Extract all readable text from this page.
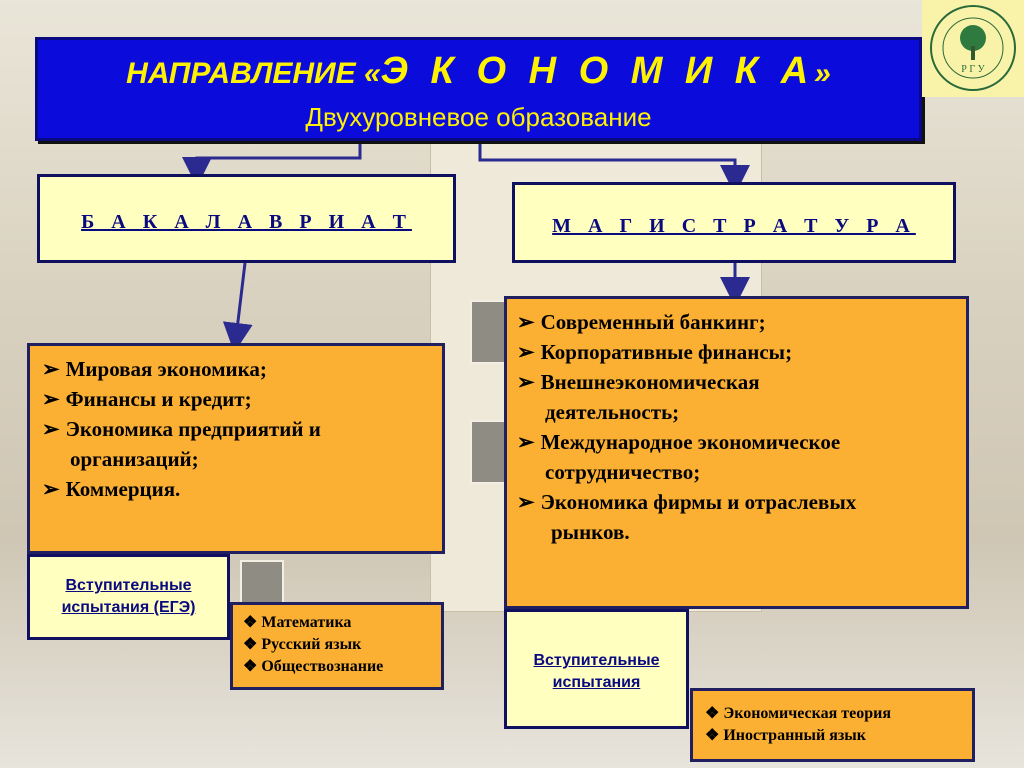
НАПРАВЛЕНИЕ «Э К О Н О М И К А»
Двухуровневое образование
Р Г У
Б А К А Л А В Р И А Т	М А Г И С Т Р А Т У Р А
➢ Мировая экономика;
➢ Финансы и кредит;
➢ Экономика предприятий и
организаций;
➢ Коммерция.
➢ Современный банкинг;
➢ Корпоративные финансы;
➢ Внешнеэкономическая
деятельность;
➢ Международное экономическое
сотрудничество;
➢ Экономика фирмы и отраслевых
рынков.
Вступительные
испытания (ЕГЭ)
❖ Математика
❖ Русский язык
❖ Обществознание	Вступительные
испытания
❖ Экономическая теория
❖ Иностранный язык
